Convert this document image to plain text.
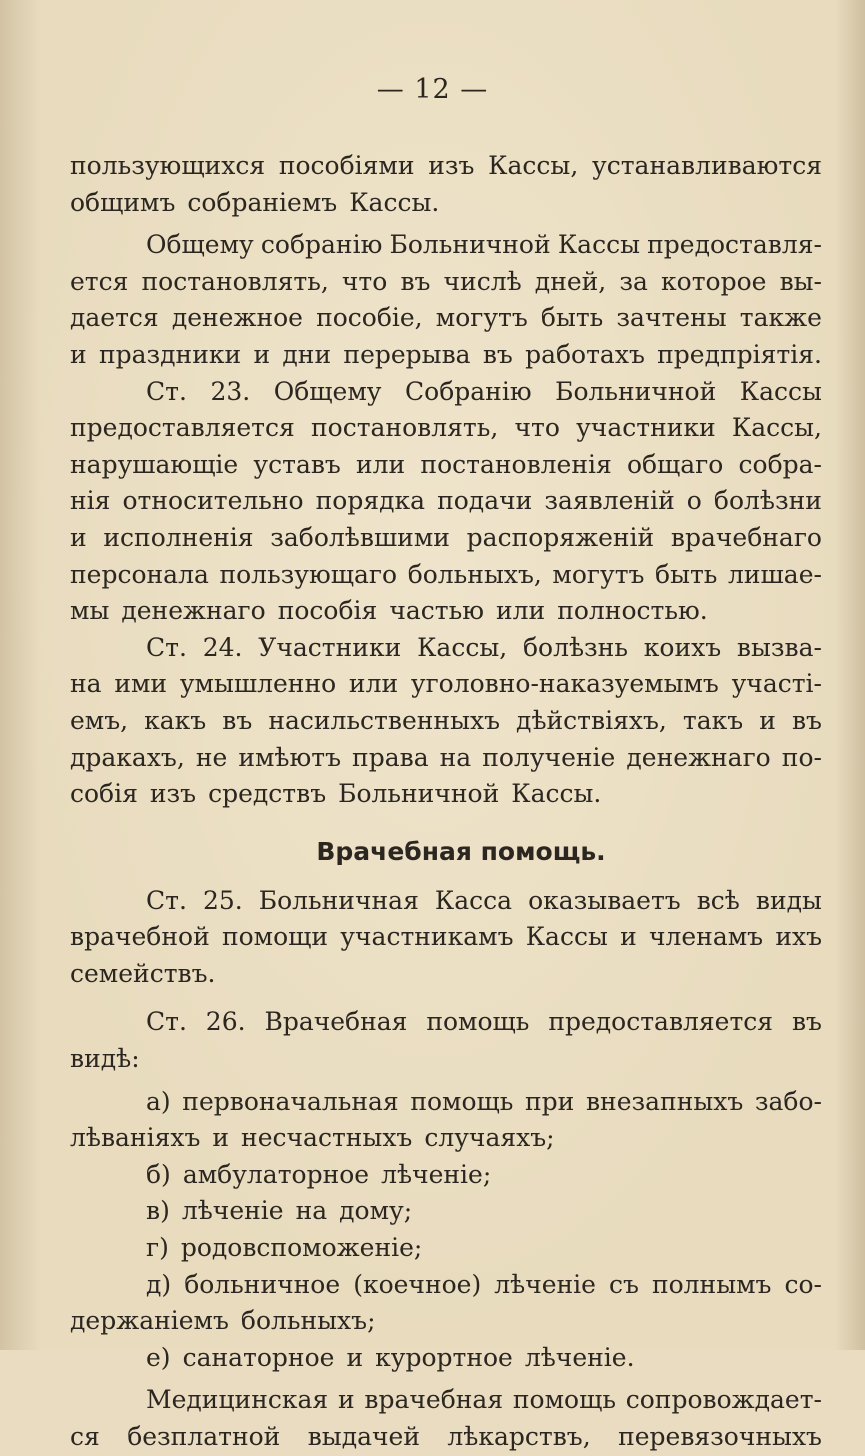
— 12 —
пользующихся пособіями изъ Кассы, устанавливаются
общимъ собраніемъ Кассы.
Общему собранію Больничной Кассы предоставля-
ется постановлять, что въ числѣ дней, за которое вы-
дается денежное пособіе, могутъ быть зачтены также
и праздники и дни перерыва въ работахъ предпріятія.
Ст. 23. Общему Собранію Больничной Кассы
предоставляется постановлять, что участники Кассы,
нарушающіе уставъ или постановленія общаго собра-
нія относительно порядка подачи заявленій о болѣзни
и исполненія заболѣвшими распоряженій врачебнаго
персонала пользующаго больныхъ, могутъ быть лишае-
мы денежнаго пособія частью или полностью.
Ст. 24. Участники Кассы, болѣзнь коихъ вызва-
на ими умышленно или уголовно-наказуемымъ участі-
емъ, какъ въ насильственныхъ дѣйствіяхъ, такъ и въ
дракахъ, не имѣютъ права на полученіе денежнаго по-
собія изъ средствъ Больничной Кассы.
Врачебная помощь.
Ст. 25. Больничная Касса оказываетъ всѣ виды
врачебной помощи участникамъ Кассы и членамъ ихъ
семействъ.
Ст. 26. Врачебная помощь предоставляется въ
видѣ:
а) первоначальная помощь при внезапныхъ забо-
лѣваніяхъ и несчастныхъ случаяхъ;
б) амбулаторное лѣченіе;
в) лѣченіе на дому;
г) родовспоможеніе;
д) больничное (коечное) лѣченіе съ полнымъ со-
держаніемъ больныхъ;
е) санаторное и курортное лѣченіе.
Медицинская и врачебная помощь сопровождает-
ся безплатной выдачей лѣкарствъ, перевязочныхъ
